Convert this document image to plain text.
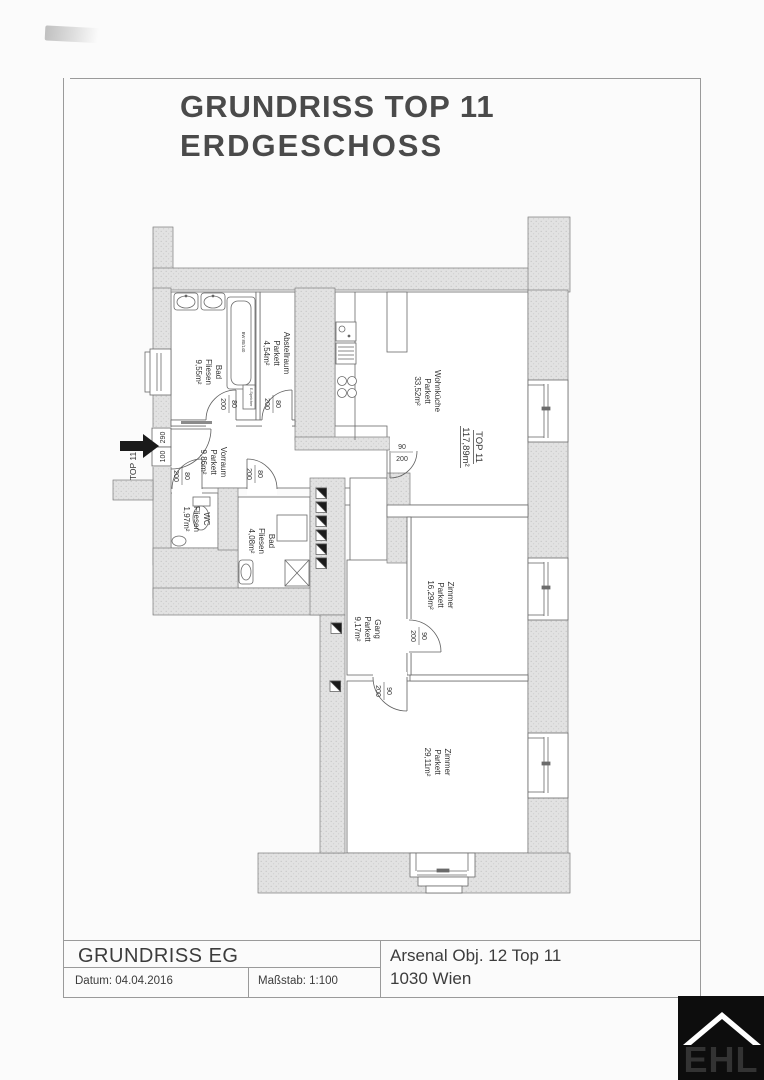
GRUNDRISS TOP 11
ERDGESCHOSS
Bad
Fliesen
9,55m²	Abstellraum
Parkett
4,54m²
Wohnküche
Parkett
33,52m²
TOP 11
117,89m²
Vorraum
Parkett
9,86m²
WC
Fliesen
1,97m²
Bad
Fliesen
4,08m²
Gang
Parkett
9,17m²
Zimmer
Parkett
16,29m²
Zimmer
Parkett
29,11m²
290
100
TOP 11
80
200	80
200
90
200
80
200	80
200
90
200
90
200
BW 80/140
E-Speicher
GRUNDRISS EG
Datum: 04.04.2016	Maßstab: 1:100
Arsenal Obj. 12 Top 11
1030 Wien
EHL
